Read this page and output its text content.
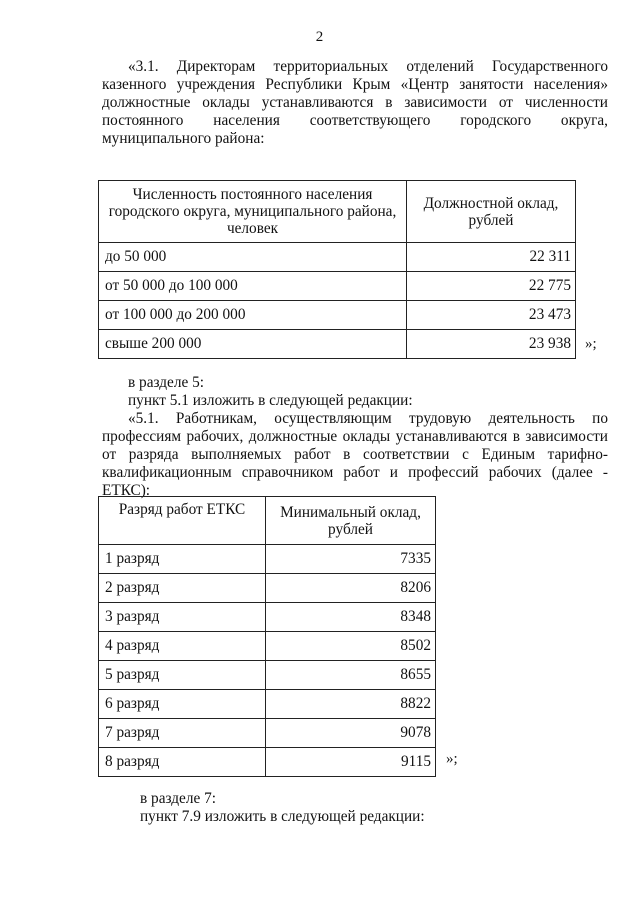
2
«3.1. Директорам территориальных отделений Государственного
казенного учреждения Республики Крым «Центр занятости населения»
должностные оклады устанавливаются в зависимости от численности
постоянного населения соответствующего городского округа,
муниципального района:
Численность постоянного населения городского округа, муниципального района, человек	Должностной оклад, рублей
до 50 000	22 311
от 50 000 до 100 000	22 775
от 100 000 до 200 000	23 473
свыше 200 000	23 938 »;
в разделе 5:
пункт 5.1 изложить в следующей редакции:
«5.1. Работникам, осуществляющим трудовую деятельность по
профессиям рабочих, должностные оклады устанавливаются в зависимости
от разряда выполняемых работ в соответствии с Единым тарифно-
квалификационным справочником работ и профессий рабочих (далее -
ЕТКС):
Разряд работ ЕТКС	Минимальный оклад, рублей
1 разряд	7335
2 разряд	8206
3 разряд	8348
4 разряд	8502
5 разряд	8655
6 разряд	8822
7 разряд	9078
8 разряд	9115 »;
в разделе 7:
пункт 7.9 изложить в следующей редакции:
